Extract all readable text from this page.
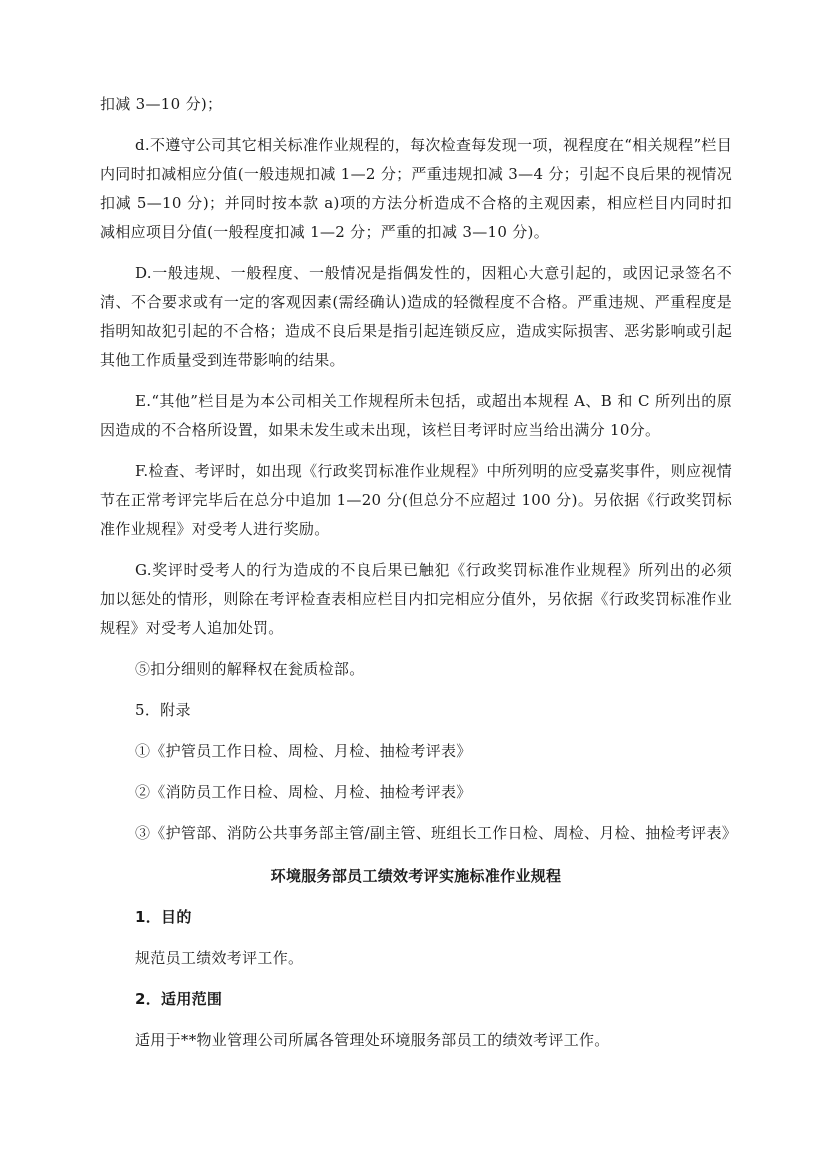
扣减 3—10 分)；

d.不遵守公司其它相关标准作业规程的，每次检查每发现一项，视程度在“相关规程”栏目内同时扣减相应分值(一般违规扣减 1—2 分；严重违规扣减 3—4 分；引起不良后果的视情况扣减 5—10 分)；并同时按本款 a)项的方法分析造成不合格的主观因素，相应栏目内同时扣减相应项目分值(一般程度扣减 1—2 分；严重的扣减 3—10 分)。

D.一般违规、一般程度、一般情况是指偶发性的，因粗心大意引起的，或因记录签名不清、不合要求或有一定的客观因素(需经确认)造成的轻微程度不合格。严重违规、严重程度是指明知故犯引起的不合格；造成不良后果是指引起连锁反应，造成实际损害、恶劣影响或引起其他工作质量受到连带影响的结果。

E.“其他”栏目是为本公司相关工作规程所未包括，或超出本规程 A、B 和 C 所列出的原因造成的不合格所设置，如果未发生或未出现，该栏目考评时应当给出满分 10分。

F.检查、考评时，如出现《行政奖罚标准作业规程》中所列明的应受嘉奖事件，则应视情节在正常考评完毕后在总分中追加 1—20 分(但总分不应超过 100 分)。另依据《行政奖罚标准作业规程》对受考人进行奖励。

G.奖评时受考人的行为造成的不良后果已触犯《行政奖罚标准作业规程》所列出的必须加以惩处的情形，则除在考评检查表相应栏目内扣完相应分值外，另依据《行政奖罚标准作业规程》对受考人追加处罚。

⑤扣分细则的解释权在瓮质检部。

5．附录

①《护管员工作日检、周检、月检、抽检考评表》

②《消防员工作日检、周检、月检、抽检考评表》

③《护管部、消防公共事务部主管/副主管、班组长工作日检、周检、月检、抽检考评表》

环境服务部员工绩效考评实施标准作业规程

1．目的

规范员工绩效考评工作。

2．适用范围

适用于**物业管理公司所属各管理处环境服务部员工的绩效考评工作。
